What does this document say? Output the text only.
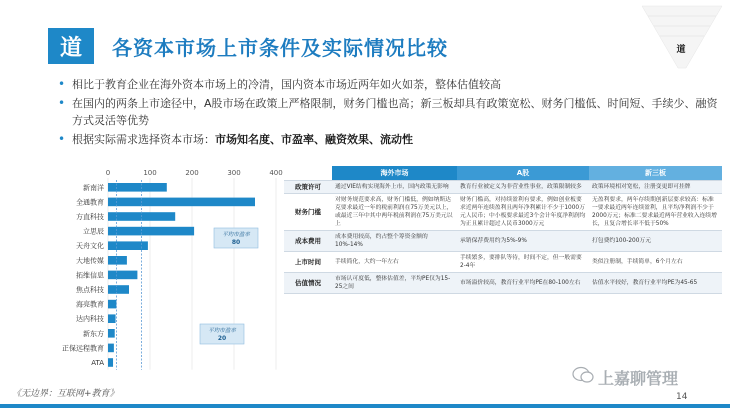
道	各资本市场上市条件及实际情况比较	道
• 相比于教育企业在海外资本市场上的冷清，国内资本市场近两年如火如荼，整体估值较高
• 在国内的两条上市途径中，A股市场在政策上严格限制，财务门槛也高；新三板却具有政策宽松、财务门槛低、时间短、手续少、融资方式灵活等优势
• 根据实际需求选择资本市场：市场知名度、市盈率、融资效果、流动性
0	100	200	300	400
新南洋
全通教育
方直科技
立思辰
天舟文化
大地传媒
拓维信息
焦点科技
海亮教育
达内科技
新东方
正保远程教育
ATA
平均市盈率
80
平均市盈率
20
	海外市场	A股	新三板
政策许可	通过VIE结构实现海外上市，国内政策无影响	教育行业被定义为非营业性事业，政策限制较多	政策环境相对宽松，注册变更即可挂牌
财务门槛	对财务规范要求高，财务门槛低，例如纳斯达克要求最近一年的税前利润在75万美元以上，或最近三年中其中两年税前利润在75万美元以上	财务门槛高，对持续盈利有要求，例如创业板要求近两年连续盈利且两年净利累计不少于1000万元人民币；中小板要求最近3个会计年度净利润均为正且累计超过人民币3000万元	无盈利要求，两年存续期创新层要求较高：标准一要求最近两年连续盈利，且平均净利润不少于2000万元；标准二要求最近两年营业收入连续增长，且复合增长率不低于50%
成本费用	成本费用较高，约占整个筹资金额的10%-14%	承销保荐费用约为5%-9%	打包费约100-200万元
上市时间	手续简化，大约一年左右	手续繁多，要排队等待，时间不定，但一般需要2-4年	类似注册制，手续简单，6个月左右
估值情况	市场认可度低，整体估值差，平均PE仅为15-25之间	市场溢价较高，教育行业平均PE在80-100左右	估值水平较好，教育行业平均PE为45-65
《无边界：互联网+教育》
上嘉聊管理
14
